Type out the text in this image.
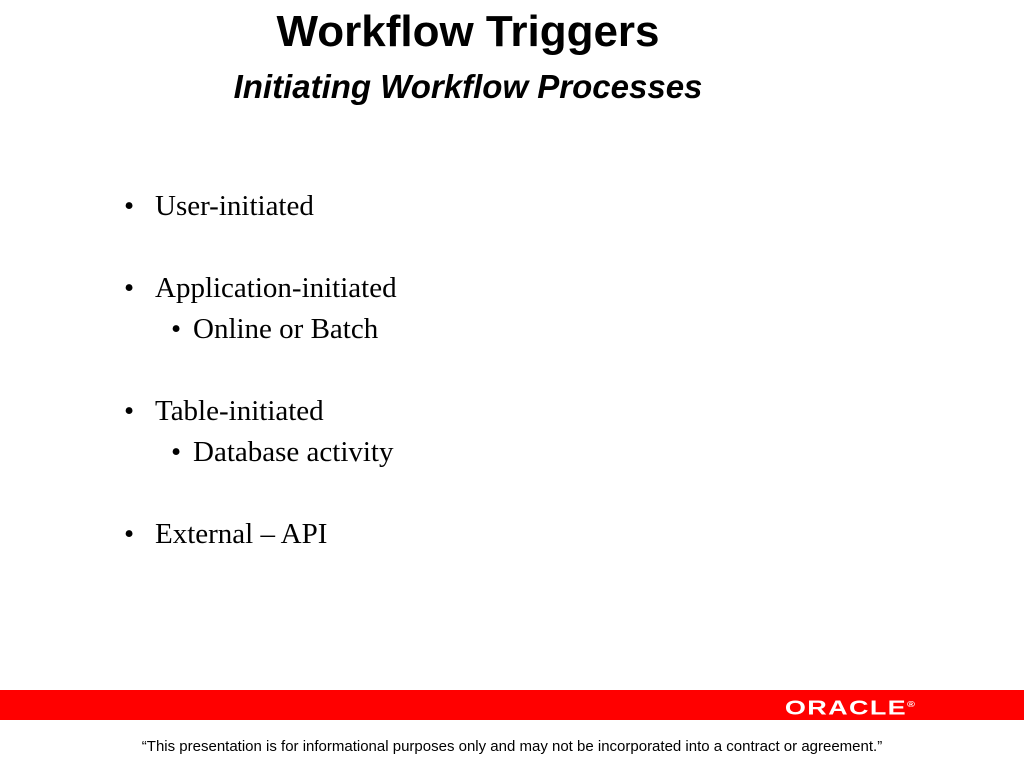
Workflow Triggers
Initiating Workflow Processes
• User-initiated
• Application-initiated
• Online or Batch
• Table-initiated
• Database activity
• External – API
ORACLE®

“This presentation is for informational purposes only and may not be incorporated into a contract or agreement.”
